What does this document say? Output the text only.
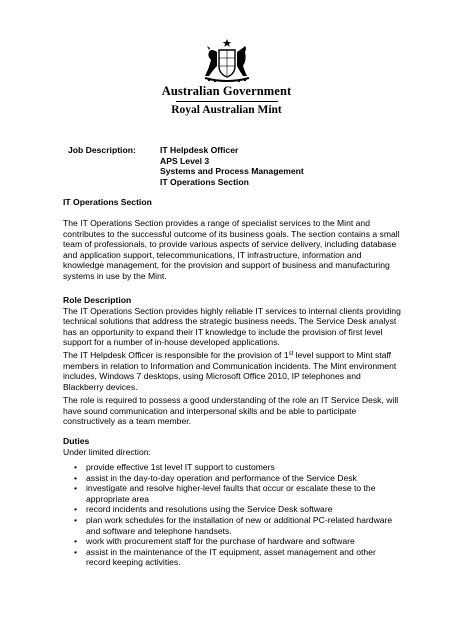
Australian Government
Royal Australian Mint
Job Description:	IT Helpdesk Officer
APS Level 3
Systems and Process Management
IT Operations Section

IT Operations Section

The IT Operations Section provides a range of specialist services to the Mint and contributes to the successful outcome of its business goals. The section contains a small team of professionals, to provide various aspects of service delivery, including database and application support, telecommunications, IT infrastructure, information and knowledge management, for the provision and support of business and manufacturing systems in use by the Mint.

Role Description

The IT Operations Section provides highly reliable IT services to internal clients providing technical solutions that address the strategic business needs. The Service Desk analyst has an opportunity to expand their IT knowledge to include the provision of first level support for a number of in-house developed applications.

The IT Helpdesk Officer is responsible for the provision of 1st level support to Mint staff members in relation to Information and Communication incidents. The Mint environment includes, Windows 7 desktops, using Microsoft Office 2010, IP telephones and Blackberry devices.

The role is required to possess a good understanding of the role an IT Service Desk, will have sound communication and interpersonal skills and be able to participate constructively as a team member.

Duties

Under limited direction:

• provide effective 1st level IT support to customers
• assist in the day-to-day operation and performance of the Service Desk
• investigate and resolve higher-level faults that occur or escalate these to the appropriate area
• record incidents and resolutions using the Service Desk software
• plan work schedules for the installation of new or additional PC-related hardware and software and telephone handsets.
• work with procurement staff for the purchase of hardware and software
• assist in the maintenance of the IT equipment, asset management and other record keeping activities.
